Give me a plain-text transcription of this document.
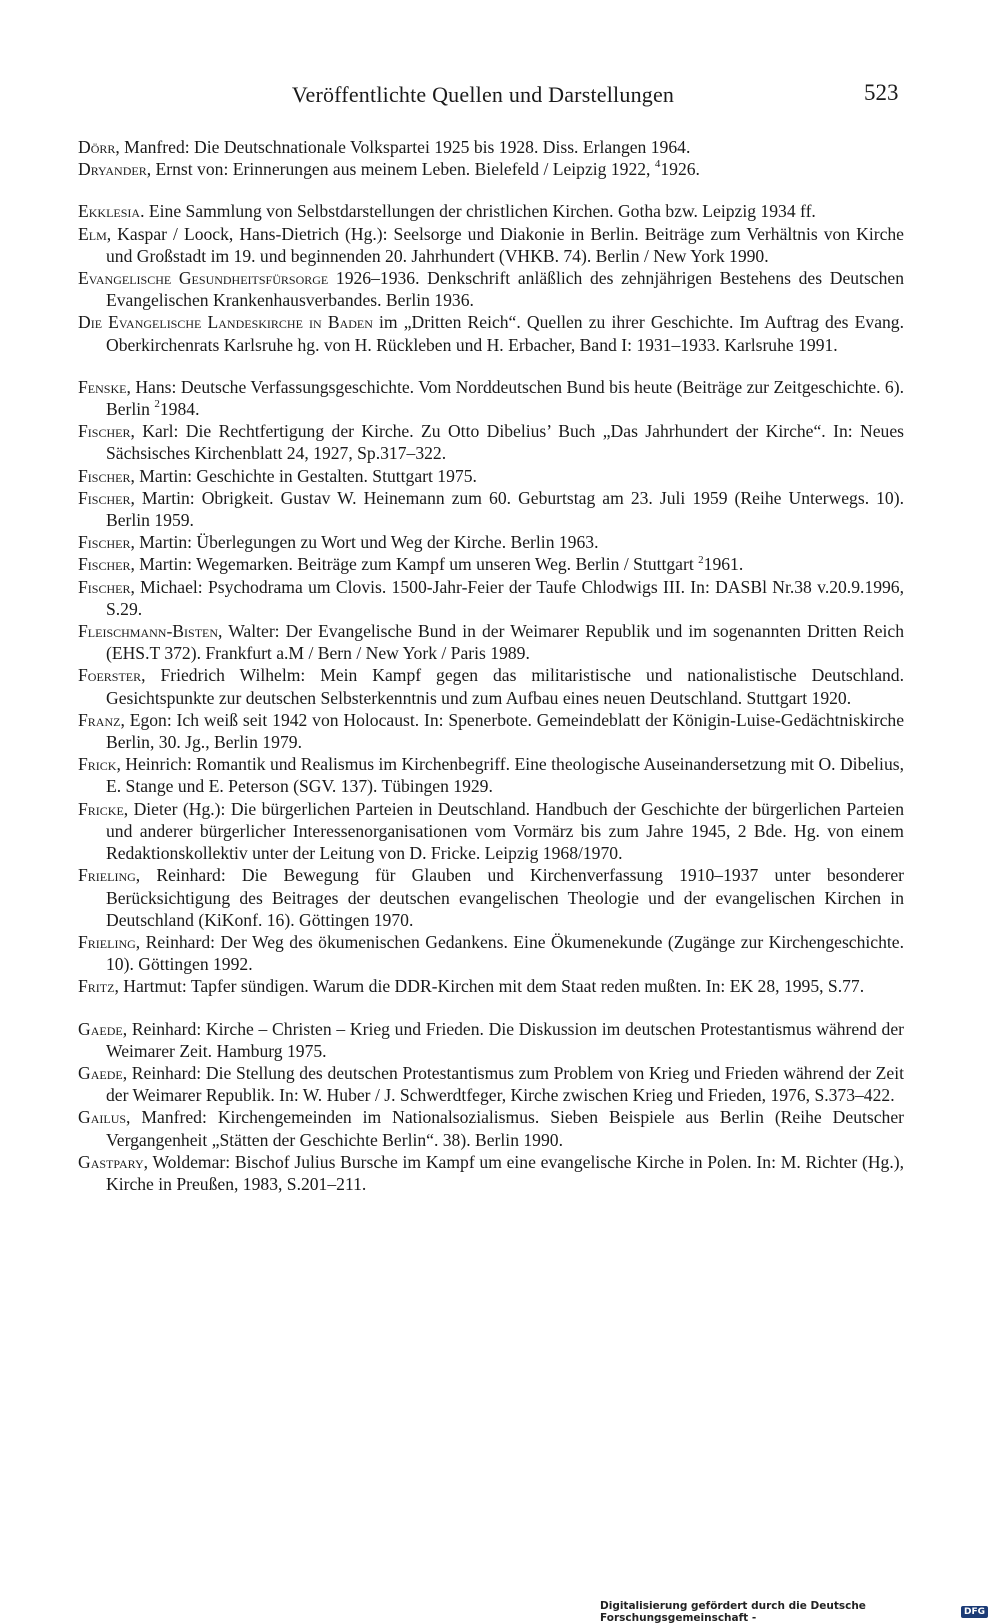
Veröffentlichte Quellen und Darstellungen	523

Dörr, Manfred: Die Deutschnationale Volkspartei 1925 bis 1928. Diss. Erlangen 1964.

Dryander, Ernst von: Erinnerungen aus meinem Leben. Bielefeld / Leipzig 1922, $^4$1926.

Ekklesia. Eine Sammlung von Selbstdarstellungen der christlichen Kirchen. Gotha bzw. Leipzig 1934 ff.

Elm, Kaspar / Loock, Hans-Dietrich (Hg.): Seelsorge und Diakonie in Berlin. Beiträge zum Verhältnis von Kirche und Großstadt im 19. und beginnenden 20. Jahrhundert (VHKB. 74). Berlin / New York 1990.

Evangelische Gesundheitsfürsorge 1926–1936. Denkschrift anläßlich des zehnjährigen Bestehens des Deutschen Evangelischen Krankenhausverbandes. Berlin 1936.

Die Evangelische Landeskirche in Baden im „Dritten Reich“. Quellen zu ihrer Geschichte. Im Auftrag des Evang. Oberkirchenrats Karlsruhe hg. von H. Rückleben und H. Erbacher, Band I: 1931–1933. Karlsruhe 1991.

Fenske, Hans: Deutsche Verfassungsgeschichte. Vom Norddeutschen Bund bis heute (Beiträge zur Zeitgeschichte. 6). Berlin $^2$1984.

Fischer, Karl: Die Rechtfertigung der Kirche. Zu Otto Dibelius’ Buch „Das Jahrhundert der Kirche“. In: Neues Sächsisches Kirchenblatt 24, 1927, Sp.317–322.

Fischer, Martin: Geschichte in Gestalten. Stuttgart 1975.

Fischer, Martin: Obrigkeit. Gustav W. Heinemann zum 60. Geburtstag am 23. Juli 1959 (Reihe Unterwegs. 10). Berlin 1959.

Fischer, Martin: Überlegungen zu Wort und Weg der Kirche. Berlin 1963.

Fischer, Martin: Wegemarken. Beiträge zum Kampf um unseren Weg. Berlin / Stuttgart $^2$1961.

Fischer, Michael: Psychodrama um Clovis. 1500-Jahr-Feier der Taufe Chlodwigs III. In: DASBl Nr.38 v.20.9.1996, S.29.

Fleischmann-Bisten, Walter: Der Evangelische Bund in der Weimarer Republik und im sogenannten Dritten Reich (EHS.T 372). Frankfurt a.M / Bern / New York / Paris 1989.

Foerster, Friedrich Wilhelm: Mein Kampf gegen das militaristische und nationalistische Deutschland. Gesichtspunkte zur deutschen Selbsterkenntnis und zum Aufbau eines neuen Deutschland. Stuttgart 1920.

Franz, Egon: Ich weiß seit 1942 von Holocaust. In: Spenerbote. Gemeindeblatt der Königin-Luise-Gedächtniskirche Berlin, 30. Jg., Berlin 1979.

Frick, Heinrich: Romantik und Realismus im Kirchenbegriff. Eine theologische Auseinandersetzung mit O. Dibelius, E. Stange und E. Peterson (SGV. 137). Tübingen 1929.

Fricke, Dieter (Hg.): Die bürgerlichen Parteien in Deutschland. Handbuch der Geschichte der bürgerlichen Parteien und anderer bürgerlicher Interessenorganisationen vom Vormärz bis zum Jahre 1945, 2 Bde. Hg. von einem Redaktionskollektiv unter der Leitung von D. Fricke. Leipzig 1968/1970.

Frieling, Reinhard: Die Bewegung für Glauben und Kirchenverfassung 1910–1937 unter besonderer Berücksichtigung des Beitrages der deutschen evangelischen Theologie und der evangelischen Kirchen in Deutschland (KiKonf. 16). Göttingen 1970.

Frieling, Reinhard: Der Weg des ökumenischen Gedankens. Eine Ökumenekunde (Zugänge zur Kirchengeschichte. 10). Göttingen 1992.

Fritz, Hartmut: Tapfer sündigen. Warum die DDR-Kirchen mit dem Staat reden mußten. In: EK 28, 1995, S.77.

Gaede, Reinhard: Kirche – Christen – Krieg und Frieden. Die Diskussion im deutschen Protestantismus während der Weimarer Zeit. Hamburg 1975.

Gaede, Reinhard: Die Stellung des deutschen Protestantismus zum Problem von Krieg und Frieden während der Zeit der Weimarer Republik. In: W. Huber / J. Schwerdtfeger, Kirche zwischen Krieg und Frieden, 1976, S.373–422.

Gailus, Manfred: Kirchengemeinden im Nationalsozialismus. Sieben Beispiele aus Berlin (Reihe Deutscher Vergangenheit „Stätten der Geschichte Berlin“. 38). Berlin 1990.

Gastpary, Woldemar: Bischof Julius Bursche im Kampf um eine evangelische Kirche in Polen. In: M. Richter (Hg.), Kirche in Preußen, 1983, S.201–211.

Digitalisierung gefördert durch die Deutsche Forschungsgemeinschaft -	DFG
